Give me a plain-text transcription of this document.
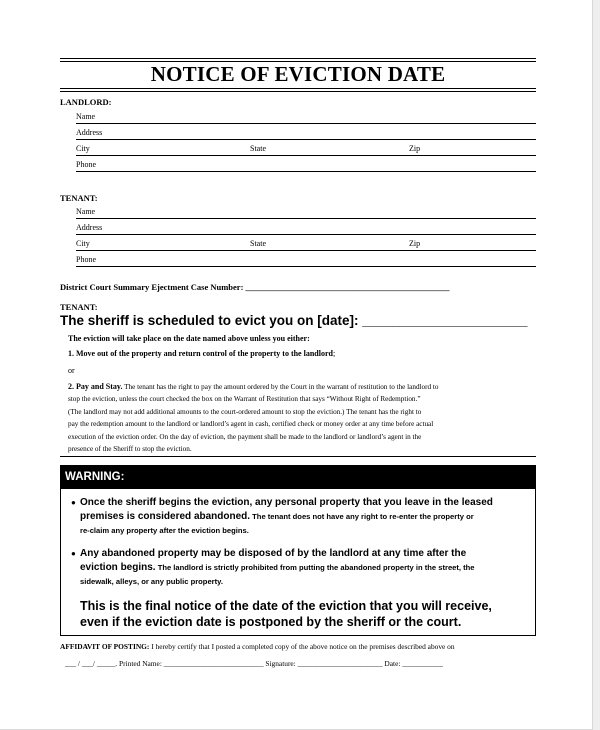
NOTICE OF EVICTION DATE
LANDLORD:
Name
Address
City	State	Zip
Phone
TENANT:
Name
Address
City	State	Zip
Phone
District Court Summary Ejectment Case Number: ________________________________________________
TENANT:
The sheriff is scheduled to evict you on [date]: ______________________
The eviction will take place on the date named above unless you either:
1. Move out of the property and return control of the property to the landlord;
or
2. Pay and Stay. The tenant has the right to pay the amount ordered by the Court in the warrant of restitution to the landlord to
stop the eviction, unless the court checked the box on the Warrant of Restitution that says “Without Right of Redemption.”
(The landlord may not add additional amounts to the court-ordered amount to stop the eviction.) The tenant has the right to
pay the redemption amount to the landlord or landlord’s agent in cash, certified check or money order at any time before actual
execution of the eviction order. On the day of eviction, the payment shall be made to the landlord or landlord’s agent in the
presence of the Sheriff to stop the eviction.
WARNING:
● Once the sheriff begins the eviction, any personal property that you leave in the leased
premises is considered abandoned. The tenant does not have any right to re-enter the property or
re-claim any property after the eviction begins.
● Any abandoned property may be disposed of by the landlord at any time after the
eviction begins. The landlord is strictly prohibited from putting the abandoned property in the street, the
sidewalk, alleys, or any public property.
This is the final notice of the date of the eviction that you will receive,
even if the eviction date is postponed by the sheriff or the court.
AFFIDAVIT OF POSTING: I hereby certify that I posted a completed copy of the above notice on the premises described above on
___ / ___/ _____. Printed Name: ___________________________ Signature: _______________________ Date: ___________
